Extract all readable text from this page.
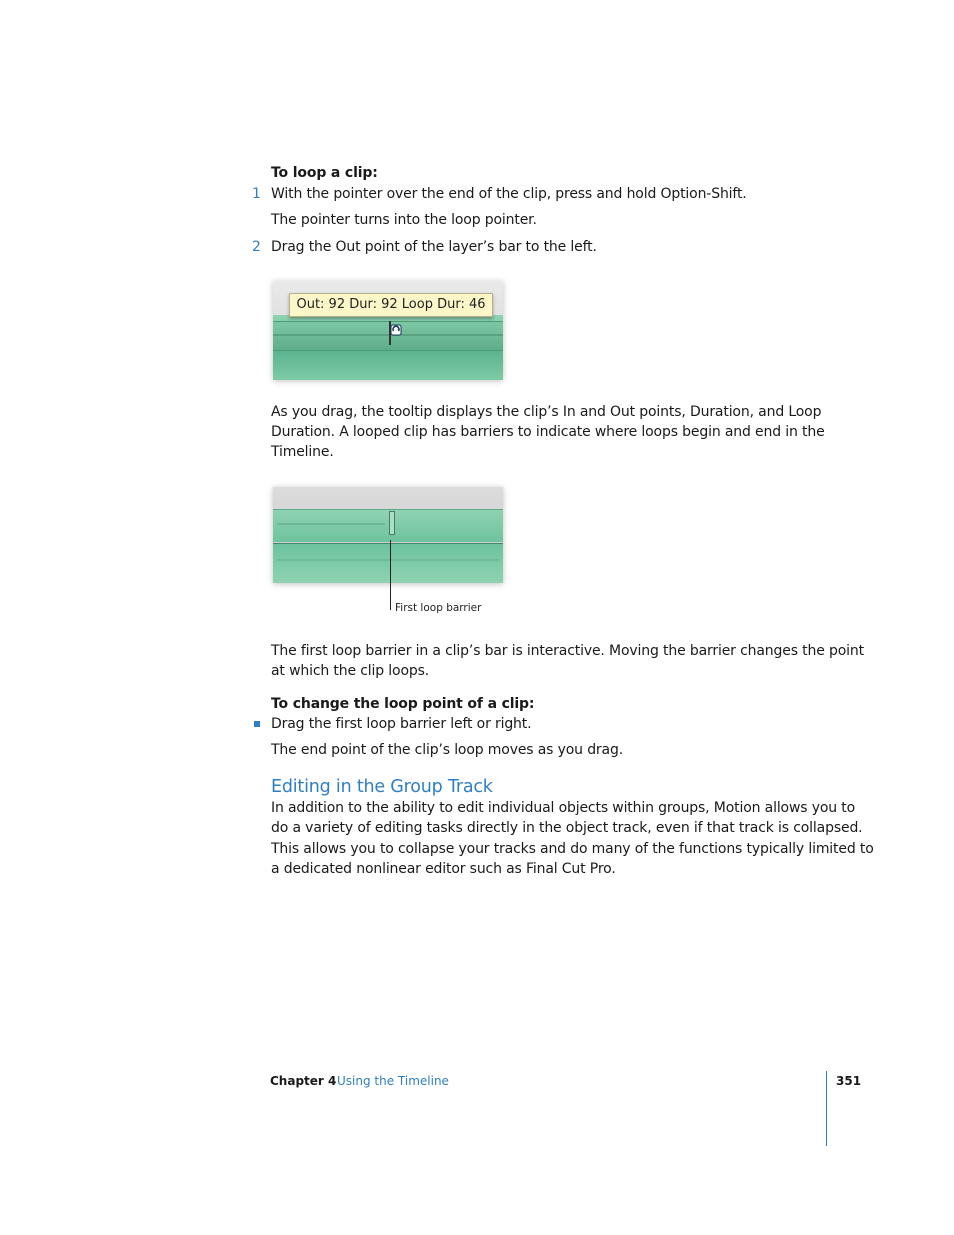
To loop a clip:
1 With the pointer over the end of the clip, press and hold Option-Shift.
The pointer turns into the loop pointer.
2 Drag the Out point of the layer’s bar to the left.
Out: 92 Dur: 92 Loop Dur: 46
As you drag, the tooltip displays the clip’s In and Out points, Duration, and Loop
Duration. A looped clip has barriers to indicate where loops begin and end in the
Timeline.
First loop barrier
The first loop barrier in a clip’s bar is interactive. Moving the barrier changes the point
at which the clip loops.
To change the loop point of a clip:
Drag the first loop barrier left or right.
The end point of the clip’s loop moves as you drag.
Editing in the Group Track
In addition to the ability to edit individual objects within groups, Motion allows you to
do a variety of editing tasks directly in the object track, even if that track is collapsed.
This allows you to collapse your tracks and do many of the functions typically limited to
a dedicated nonlinear editor such as Final Cut Pro.
Chapter 4 Using the Timeline	351
